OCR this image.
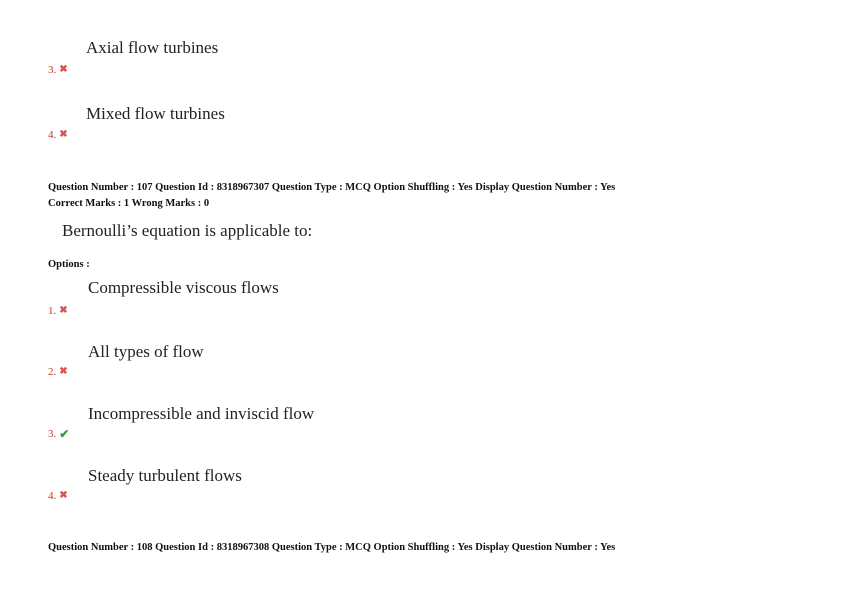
Axial flow turbines
3. ✖
Mixed flow turbines
4. ✖
Question Number : 107 Question Id : 8318967307 Question Type : MCQ Option Shuffling : Yes Display Question Number : Yes
Correct Marks : 1 Wrong Marks : 0
Bernoulli’s equation is applicable to:
Options :
Compressible viscous flows
1. ✖
All types of flow
2. ✖
Incompressible and inviscid flow
3. ✔
Steady turbulent flows
4. ✖
Question Number : 108 Question Id : 8318967308 Question Type : MCQ Option Shuffling : Yes Display Question Number : Yes
